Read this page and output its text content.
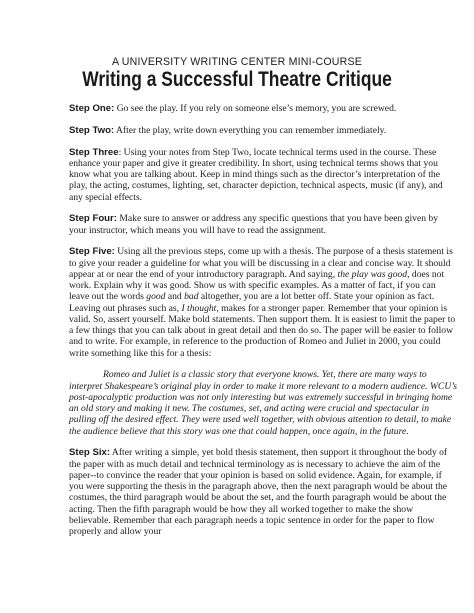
A UNIVERSITY WRITING CENTER MINI-COURSE
Writing a Successful Theatre Critique

Step One: Go see the play. If you rely on someone else’s memory, you are screwed.

Step Two: After the play, write down everything you can remember immediately.

Step Three: Using your notes from Step Two, locate technical terms used in the course. These enhance your paper and give it greater credibility. In short, using technical terms shows that you know what you are talking about. Keep in mind things such as the director’s interpretation of the play, the acting, costumes, lighting, set, character depiction, technical aspects, music (if any), and any special effects.

Step Four: Make sure to answer or address any specific questions that you have been given by your instructor, which means you will have to read the assignment.

Step Five: Using all the previous steps, come up with a thesis. The purpose of a thesis statement is to give your reader a guideline for what you will be discussing in a clear and concise way. It should appear at or near the end of your introductory paragraph. And saying, the play was good, does not work. Explain why it was good. Show us with specific examples. As a matter of fact, if you can leave out the words good and bad altogether, you are a lot better off. State your opinion as fact. Leaving out phrases such as, I thought, makes for a stronger paper. Remember that your opinion is valid. So, assert yourself. Make bold statements. Then support them. It is easiest to limit the paper to a few things that you can talk about in great detail and then do so. The paper will be easier to follow and to write. For example, in reference to the production of Romeo and Juliet in 2000, you could write something like this for a thesis:

Romeo and Juliet is a classic story that everyone knows. Yet, there are many ways to interpret Shakespeare’s original play in order to make it more relevant to a modern audience. WCU’s post-apocalyptic production was not only interesting but was extremely successful in bringing home an old story and making it new. The costumes, set, and acting were crucial and spectacular in pulling off the desired effect. They were used well together, with obvious attention to detail, to make the audience believe that this story was one that could happen, once again, in the future.

Step Six: After writing a simple, yet bold thesis statement, then support it throughout the body of the paper with as much detail and technical terminology as is necessary to achieve the aim of the paper--to convince the reader that your opinion is based on solid evidence. Again, for example, if you were supporting the thesis in the paragraph above, then the next paragraph would be about the costumes, the third paragraph would be about the set, and the fourth paragraph would be about the acting. Then the fifth paragraph would be how they all worked together to make the show believable. Remember that each paragraph needs a topic sentence in order for the paper to flow properly and allow your
